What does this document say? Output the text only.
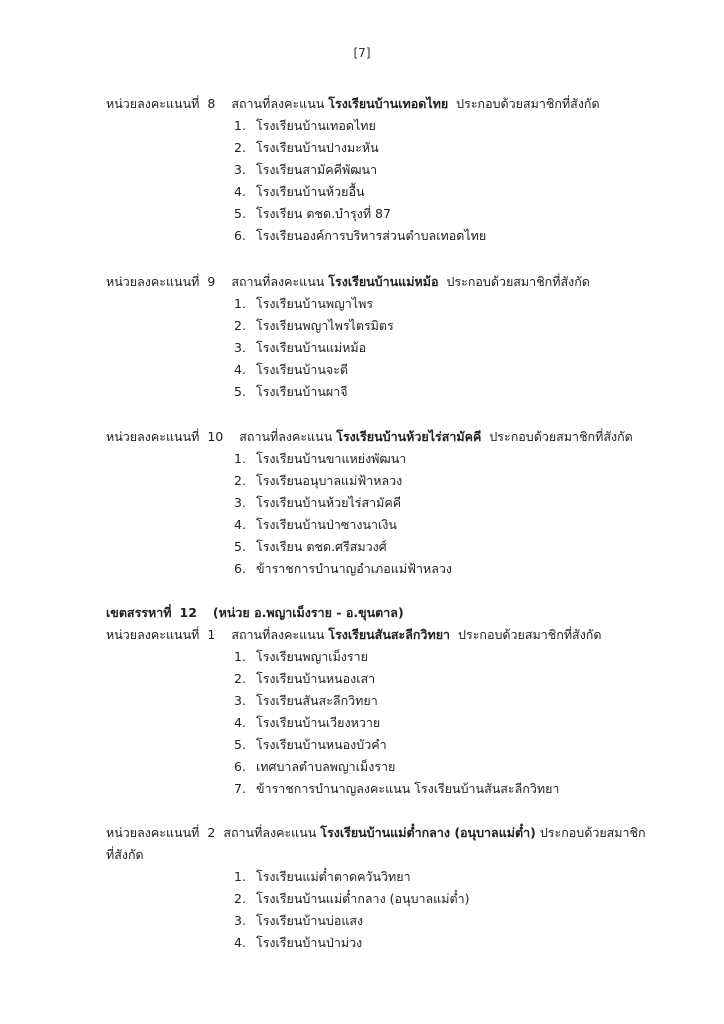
[7]
หน่วยลงคะแนนที่ 8 สถานที่ลงคะแนน โรงเรียนบ้านเทอดไทย ประกอบด้วยสมาชิกที่สังกัด
1. โรงเรียนบ้านเทอดไทย
2. โรงเรียนบ้านปางมะหัน
3. โรงเรียนสามัคคีพัฒนา
4. โรงเรียนบ้านห้วยอื้น
5. โรงเรียน ตชด.บำรุงที่ 87
6. โรงเรียนองค์การบริหารส่วนตำบลเทอดไทย
หน่วยลงคะแนนที่ 9 สถานที่ลงคะแนน โรงเรียนบ้านแม่หม้อ ประกอบด้วยสมาชิกที่สังกัด
1. โรงเรียนบ้านพญาไพร
2. โรงเรียนพญาไพรไตรมิตร
3. โรงเรียนบ้านแม่หม้อ
4. โรงเรียนบ้านจะตี
5. โรงเรียนบ้านผาจี
หน่วยลงคะแนนที่ 10 สถานที่ลงคะแนน โรงเรียนบ้านห้วยไร่สามัคคี ประกอบด้วยสมาชิกที่สังกัด
1. โรงเรียนบ้านขาแหย่งพัฒนา
2. โรงเรียนอนุบาลแม่ฟ้าหลวง
3. โรงเรียนบ้านห้วยไร่สามัคคี
4. โรงเรียนบ้านป่าซางนาเงิน
5. โรงเรียน ตชด.ศรีสมวงศ์
6. ข้าราชการบำนาญอำเภอแม่ฟ้าหลวง
เขตสรรหาที่ 12 (หน่วย อ.พญาเม็งราย - อ.ขุนตาล)
หน่วยลงคะแนนที่ 1 สถานที่ลงคะแนน โรงเรียนสันสะลีกวิทยา ประกอบด้วยสมาชิกที่สังกัด
1. โรงเรียนพญาเม็งราย
2. โรงเรียนบ้านหนองเสา
3. โรงเรียนสันสะลีกวิทยา
4. โรงเรียนบ้านเวียงหวาย
5. โรงเรียนบ้านหนองบัวคำ
6. เทศบาลตำบลพญาเม็งราย
7. ข้าราชการบำนาญลงคะแนน โรงเรียนบ้านสันสะลีกวิทยา
หน่วยลงคะแนนที่ 2 สถานที่ลงคะแนน โรงเรียนบ้านแม่ต๋ำกลาง (อนุบาลแม่ต๋ำ) ประกอบด้วยสมาชิก
ที่สังกัด
1. โรงเรียนแม่ต๋ำตาดควันวิทยา
2. โรงเรียนบ้านแม่ต๋ำกลาง (อนุบาลแม่ต๋ำ)
3. โรงเรียนบ้านบ่อแสง
4. โรงเรียนบ้านป่าม่วง
